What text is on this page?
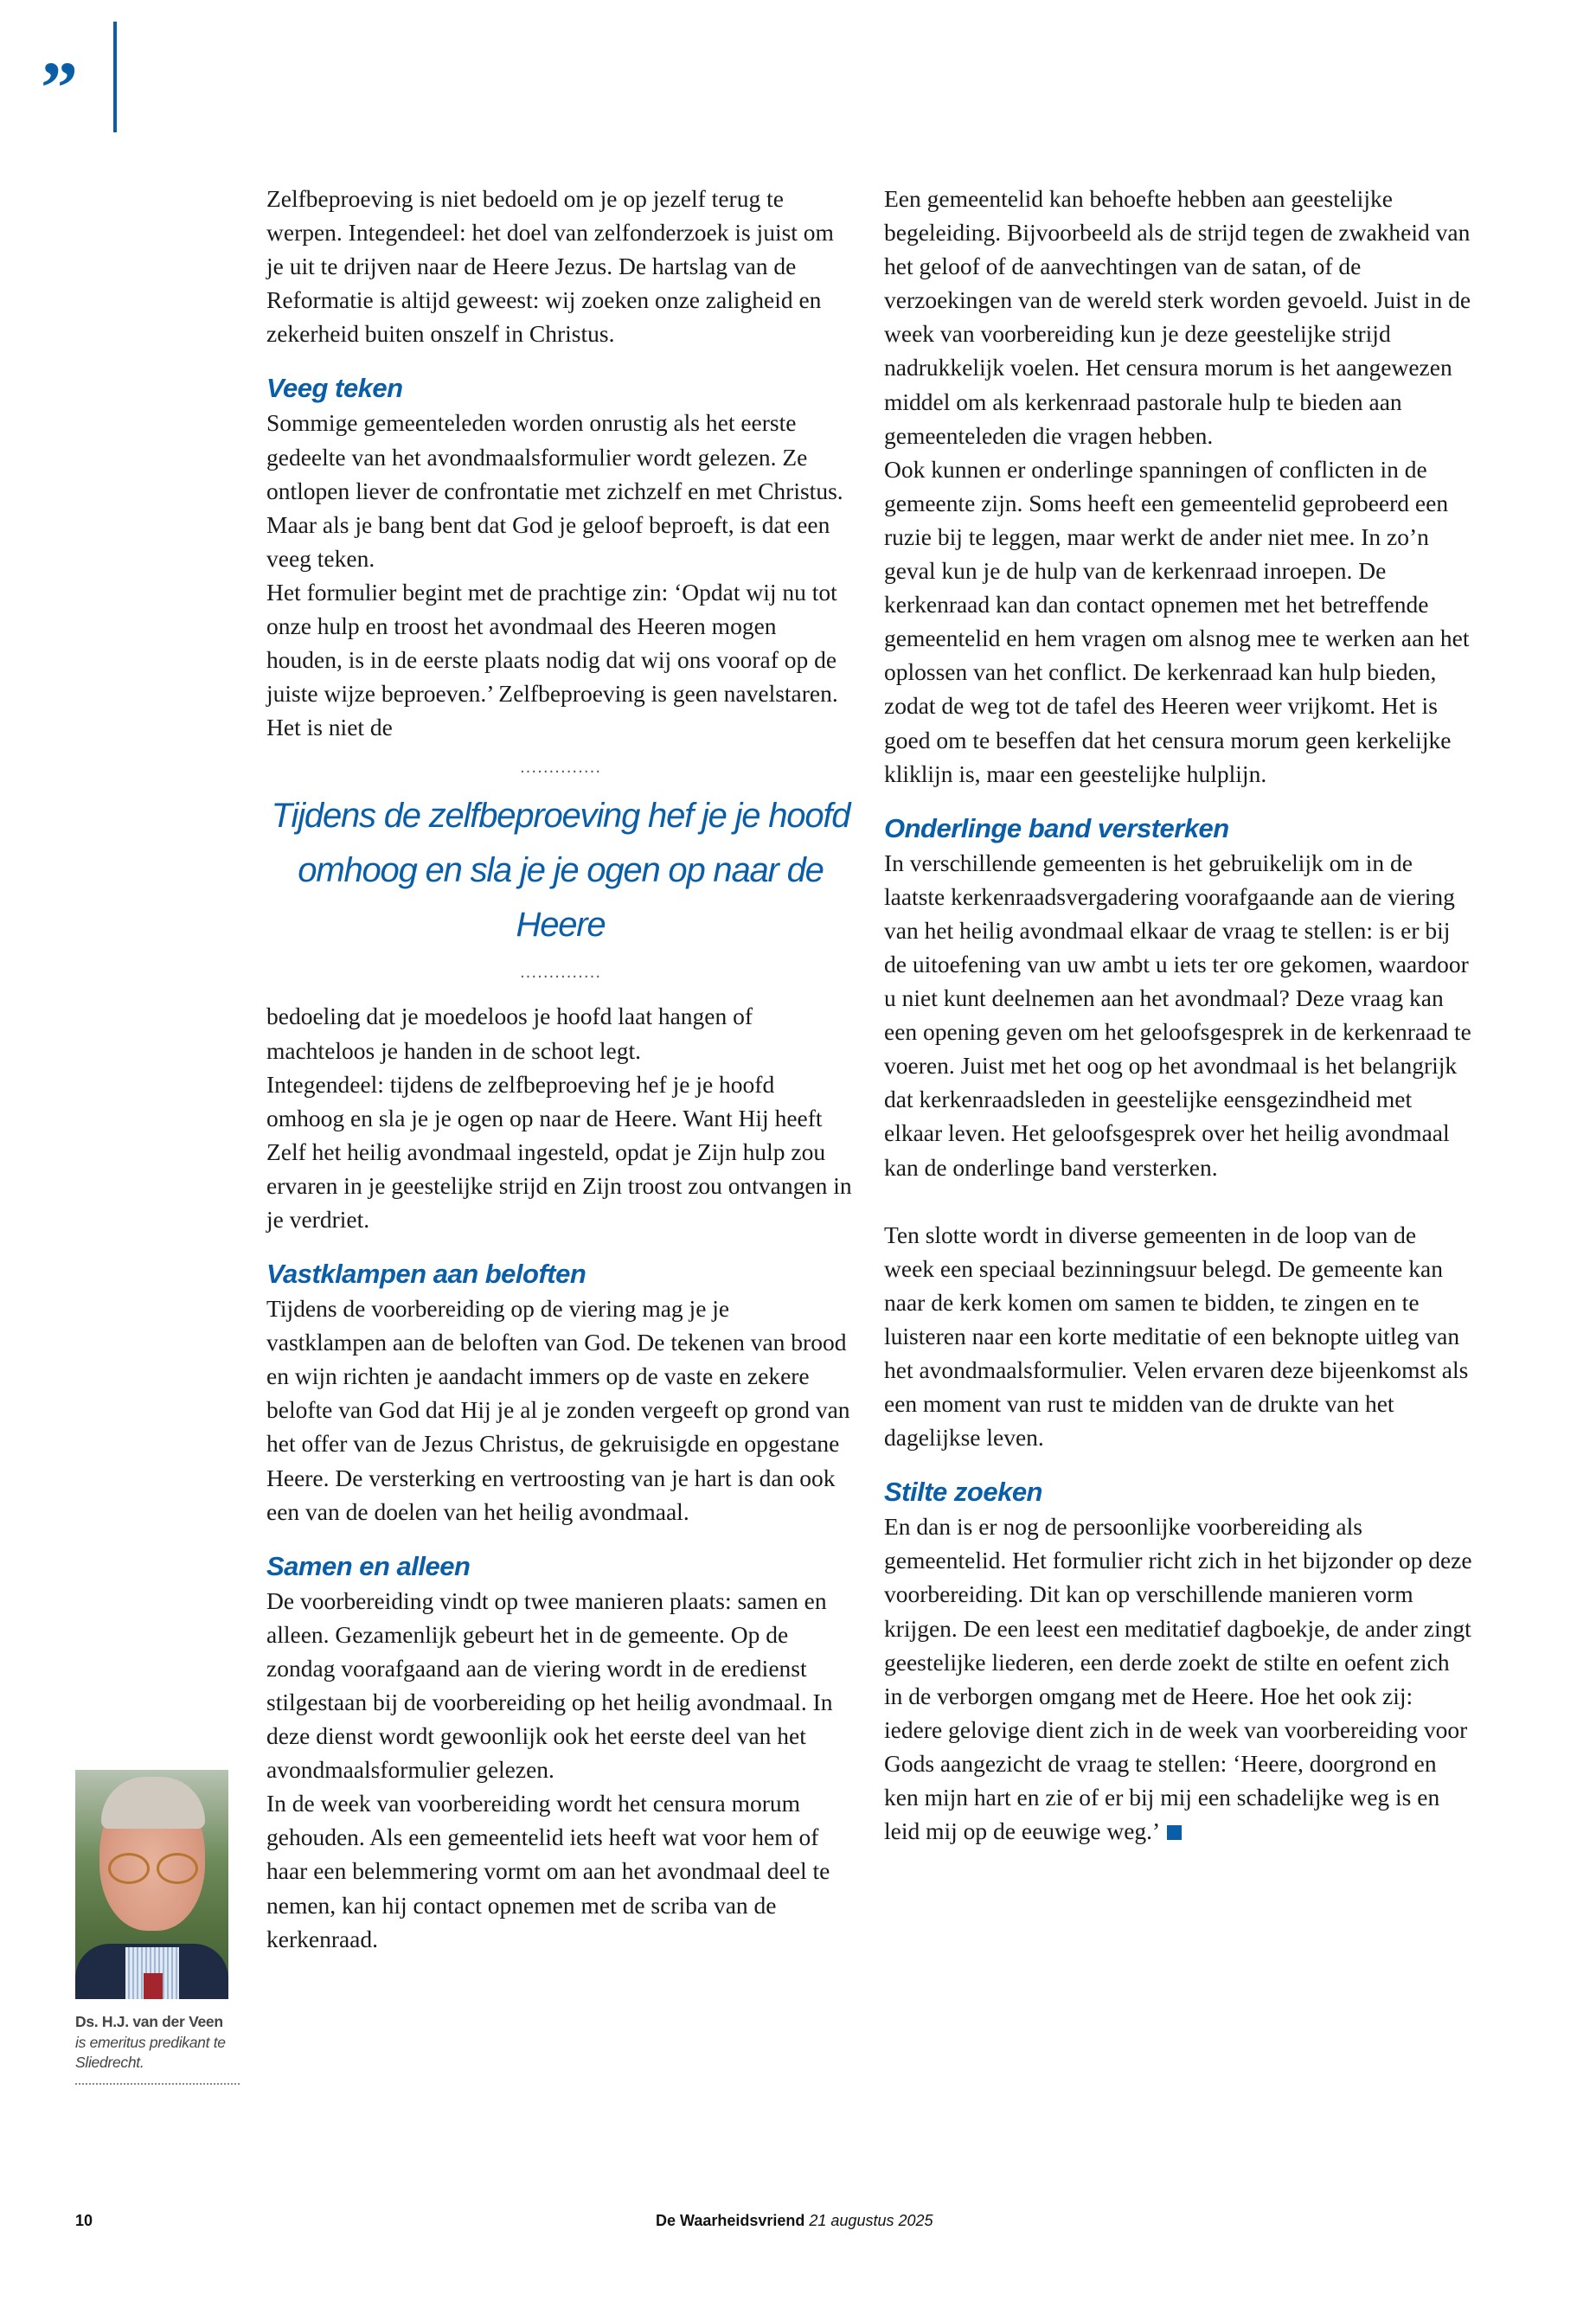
”

Zelfbeproeving is niet bedoeld om je op jezelf terug te werpen. Integendeel: het doel van zelfonderzoek is juist om je uit te drijven naar de Heere Jezus. De hartslag van de Reformatie is altijd geweest: wij zoeken onze zaligheid en zekerheid buiten onszelf in Christus.

Veeg teken

Sommige gemeenteleden worden onrustig als het eerste gedeelte van het avondmaalsformulier wordt gelezen. Ze ontlopen liever de confrontatie met zichzelf en met Christus. Maar als je bang bent dat God je geloof beproeft, is dat een veeg teken.

Het formulier begint met de prachtige zin: ‘Opdat wij nu tot onze hulp en troost het avondmaal des Heeren mogen houden, is in de eerste plaats nodig dat wij ons vooraf op de juiste wijze beproeven.’ Zelfbeproeving is geen navelstaren. Het is niet de

..............
Tijdens de zelfbeproeving hef je je hoofd omhoog en sla je je ogen op naar de Heere
..............

bedoeling dat je moedeloos je hoofd laat hangen of machteloos je handen in de schoot legt.

Integendeel: tijdens de zelfbeproeving hef je je hoofd omhoog en sla je je ogen op naar de Heere. Want Hij heeft Zelf het heilig avondmaal ingesteld, opdat je Zijn hulp zou ervaren in je geestelijke strijd en Zijn troost zou ontvangen in je verdriet.

Vastklampen aan beloften

Tijdens de voorbereiding op de viering mag je je vastklampen aan de beloften van God. De tekenen van brood en wijn richten je aandacht immers op de vaste en zekere belofte van God dat Hij je al je zonden vergeeft op grond van het offer van de Jezus Christus, de gekruisigde en opgestane Heere. De versterking en vertroosting van je hart is dan ook een van de doelen van het heilig avondmaal.

Samen en alleen

De voorbereiding vindt op twee manieren plaats: samen en alleen. Gezamenlijk gebeurt het in de gemeente. Op de zondag voorafgaand aan de viering wordt in de eredienst stilgestaan bij de voorbereiding op het heilig avondmaal. In deze dienst wordt gewoonlijk ook het eerste deel van het avondmaalsformulier gelezen.

In de week van voorbereiding wordt het censura morum gehouden. Als een gemeentelid iets heeft wat voor hem of haar een belemmering vormt om aan het avondmaal deel te nemen, kan hij contact opnemen met de scriba van de kerkenraad.

Een gemeentelid kan behoefte hebben aan geestelijke begeleiding. Bijvoorbeeld als de strijd tegen de zwakheid van het geloof of de aanvechtingen van de satan, of de verzoekingen van de wereld sterk worden gevoeld. Juist in de week van voorbereiding kun je deze geestelijke strijd nadrukkelijk voelen. Het censura morum is het aangewezen middel om als kerkenraad pastorale hulp te bieden aan gemeenteleden die vragen hebben.

Ook kunnen er onderlinge spanningen of conflicten in de gemeente zijn. Soms heeft een gemeentelid geprobeerd een ruzie bij te leggen, maar werkt de ander niet mee. In zo’n geval kun je de hulp van de kerkenraad inroepen. De kerkenraad kan dan contact opnemen met het betreffende gemeentelid en hem vragen om alsnog mee te werken aan het oplossen van het conflict. De kerkenraad kan hulp bieden, zodat de weg tot de tafel des Heeren weer vrijkomt. Het is goed om te beseffen dat het censura morum geen kerkelijke kliklijn is, maar een geestelijke hulplijn.

Onderlinge band versterken

In verschillende gemeenten is het gebruikelijk om in de laatste kerkenraadsvergadering voorafgaande aan de viering van het heilig avondmaal elkaar de vraag te stellen: is er bij de uitoefening van uw ambt u iets ter ore gekomen, waardoor u niet kunt deelnemen aan het avondmaal? Deze vraag kan een opening geven om het geloofsgesprek in de kerkenraad te voeren. Juist met het oog op het avondmaal is het belangrijk dat kerkenraadsleden in geestelijke eensgezindheid met elkaar leven. Het geloofsgesprek over het heilig avondmaal kan de onderlinge band versterken.

Ten slotte wordt in diverse gemeenten in de loop van de week een speciaal bezinningsuur belegd. De gemeente kan naar de kerk komen om samen te bidden, te zingen en te luisteren naar een korte meditatie of een beknopte uitleg van het avondmaalsformulier. Velen ervaren deze bijeenkomst als een moment van rust te midden van de drukte van het dagelijkse leven.

Stilte zoeken

En dan is er nog de persoonlijke voorbereiding als gemeentelid. Het formulier richt zich in het bijzonder op deze voorbereiding. Dit kan op verschillende manieren vorm krijgen. De een leest een meditatief dagboekje, de ander zingt geestelijke liederen, een derde zoekt de stilte en oefent zich in de verborgen omgang met de Heere. Hoe het ook zij: iedere gelovige dient zich in de week van voorbereiding voor Gods aangezicht de vraag te stellen: ‘Heere, doorgrond en ken mijn hart en zie of er bij mij een schadelijke weg is en leid mij op de eeuwige weg.’

Ds. H.J. van der Veen
is emeritus predikant te Sliedrecht.
10	De Waarheidsvriend 21 augustus 2025
